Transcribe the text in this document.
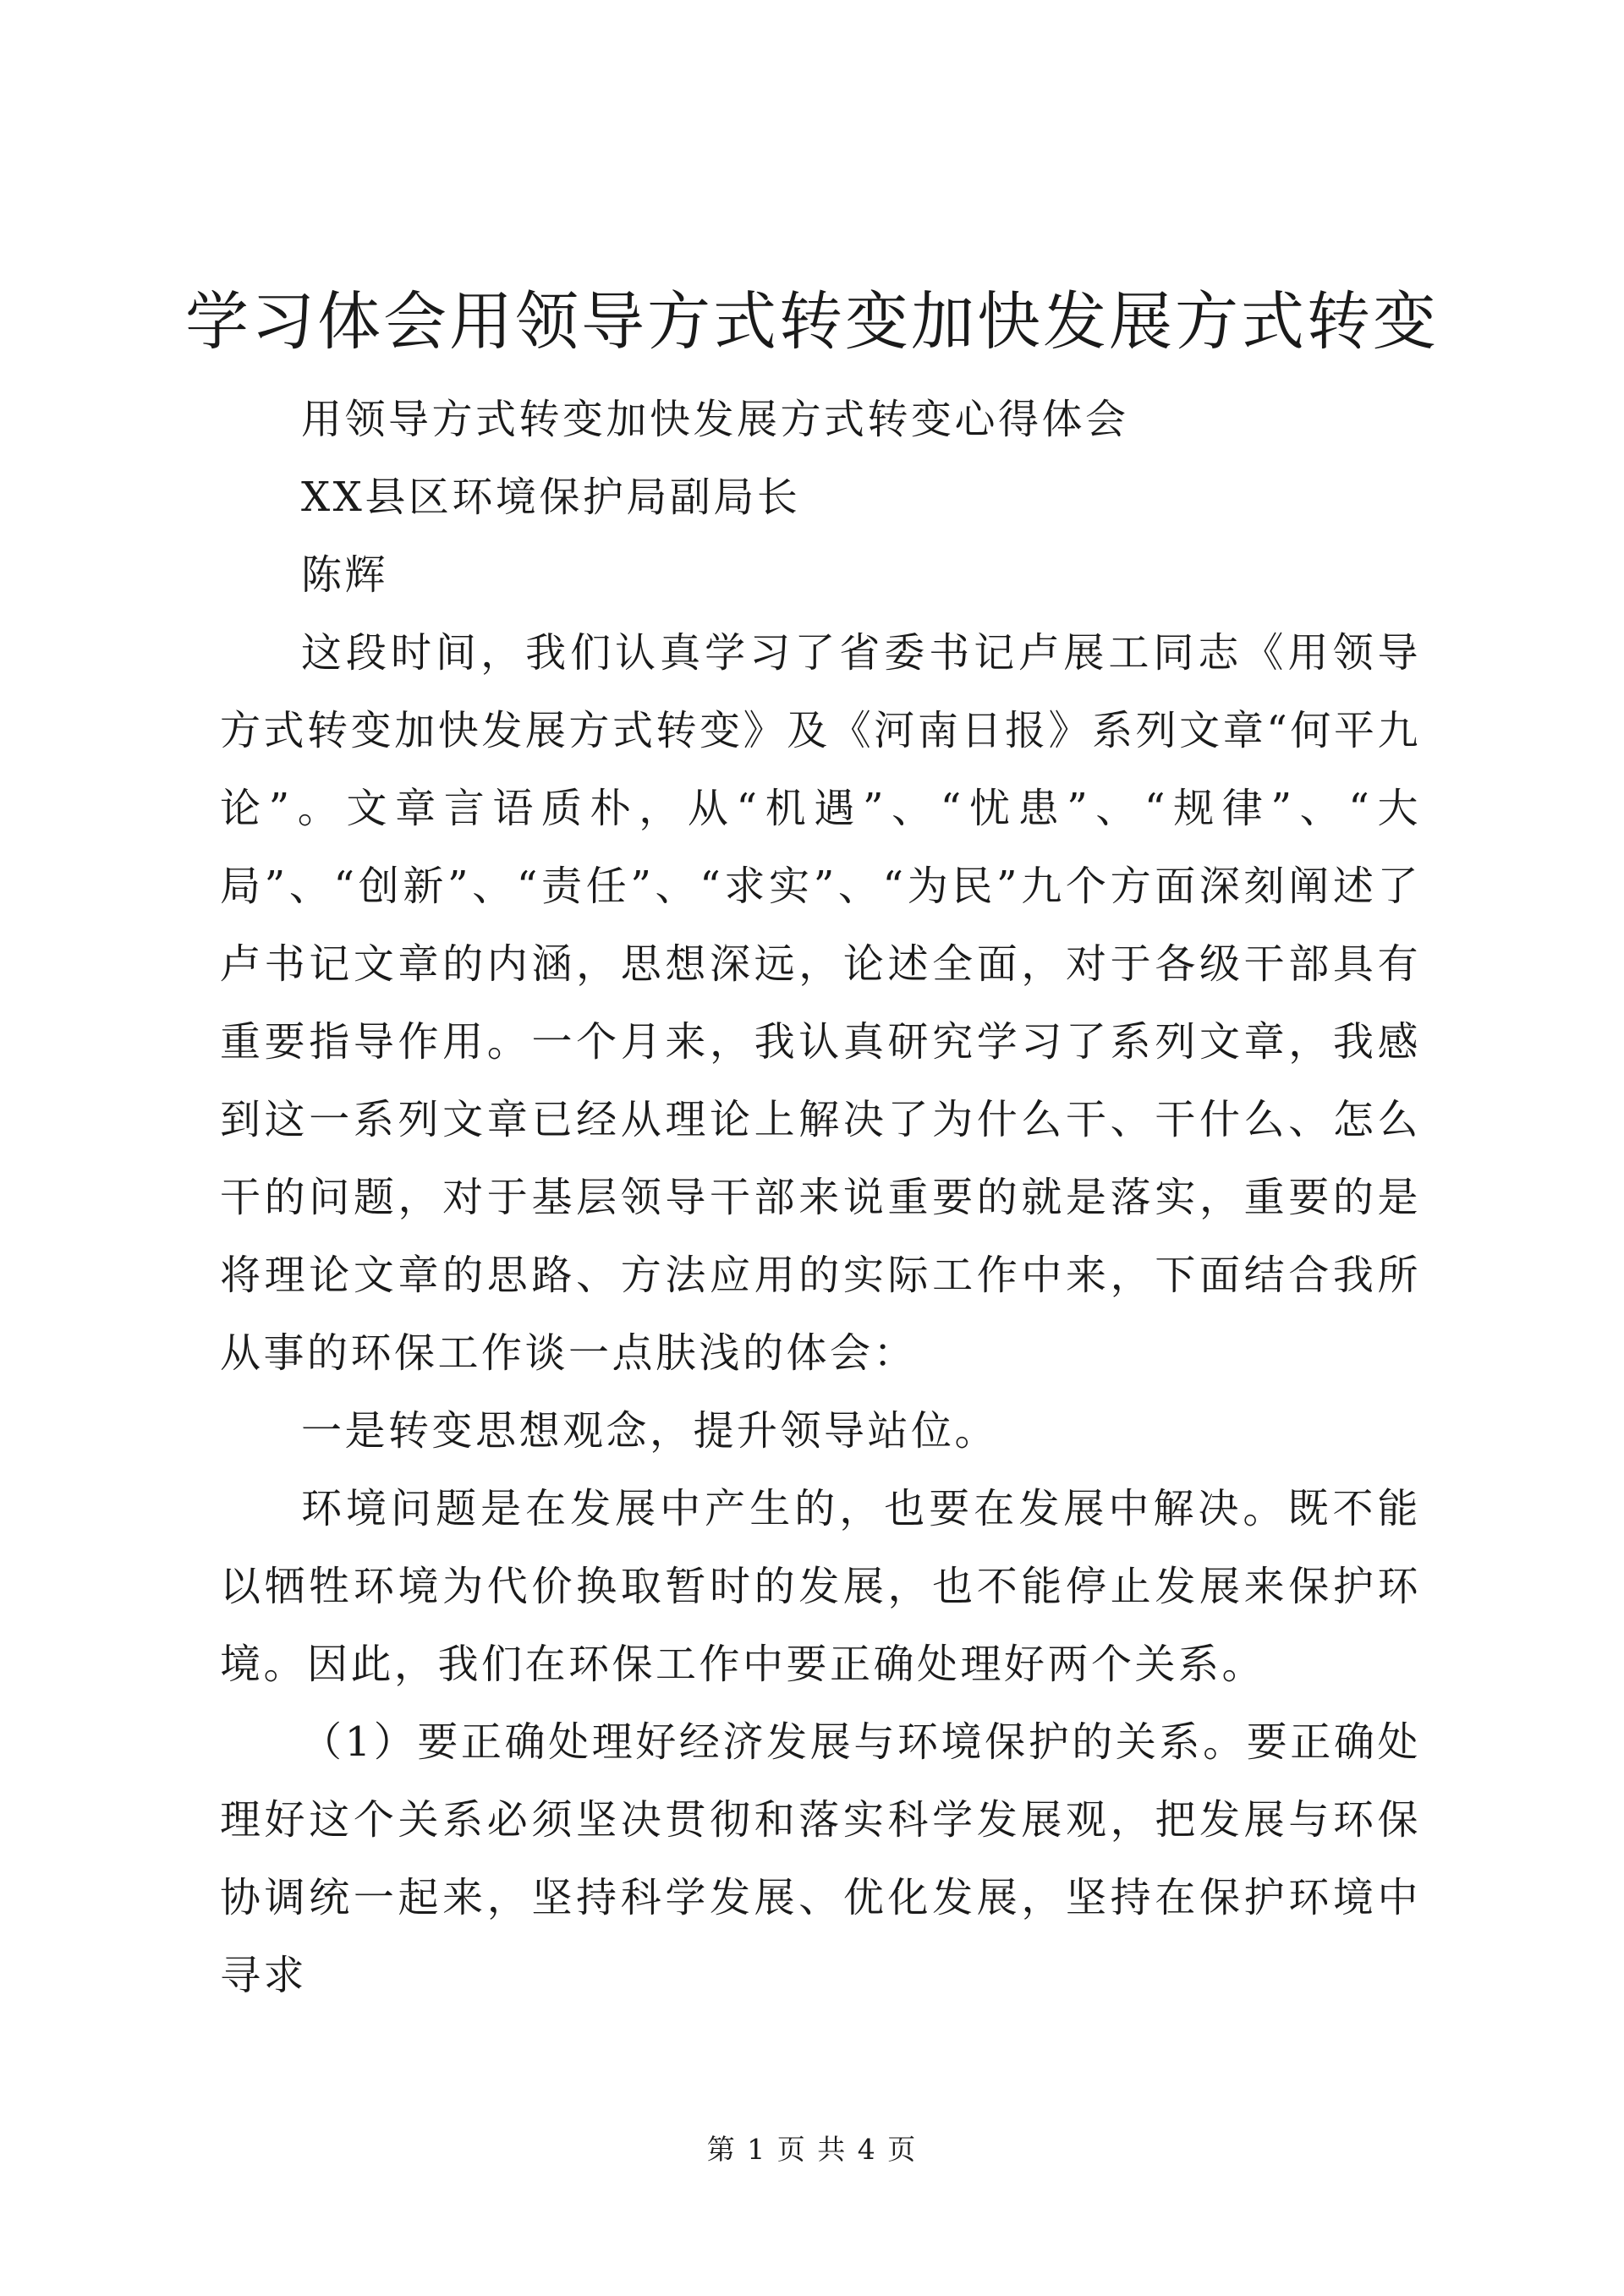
学习体会用领导方式转变加快发展方式转变

用领导方式转变加快发展方式转变心得体会

XX县区环境保护局副局长

陈辉

这段时间，我们认真学习了省委书记卢展工同志《用领导方式转变加快发展方式转变》及《河南日报》系列文章“何平九论”。文章言语质朴，从“机遇”、“忧患”、“规律”、“大局”、“创新”、“责任”、“求实”、“为民”九个方面深刻阐述了卢书记文章的内涵，思想深远，论述全面，对于各级干部具有重要指导作用。一个月来，我认真研究学习了系列文章，我感到这一系列文章已经从理论上解决了为什么干、干什么、怎么干的问题，对于基层领导干部来说重要的就是落实，重要的是将理论文章的思路、方法应用的实际工作中来，下面结合我所从事的环保工作谈一点肤浅的体会：

一是转变思想观念，提升领导站位。

环境问题是在发展中产生的，也要在发展中解决。既不能以牺牲环境为代价换取暂时的发展，也不能停止发展来保护环境。因此，我们在环保工作中要正确处理好两个关系。

（1）要正确处理好经济发展与环境保护的关系。要正确处理好这个关系必须坚决贯彻和落实科学发展观，把发展与环保协调统一起来，坚持科学发展、优化发展，坚持在保护环境中寻求

第 1 页 共 4 页
